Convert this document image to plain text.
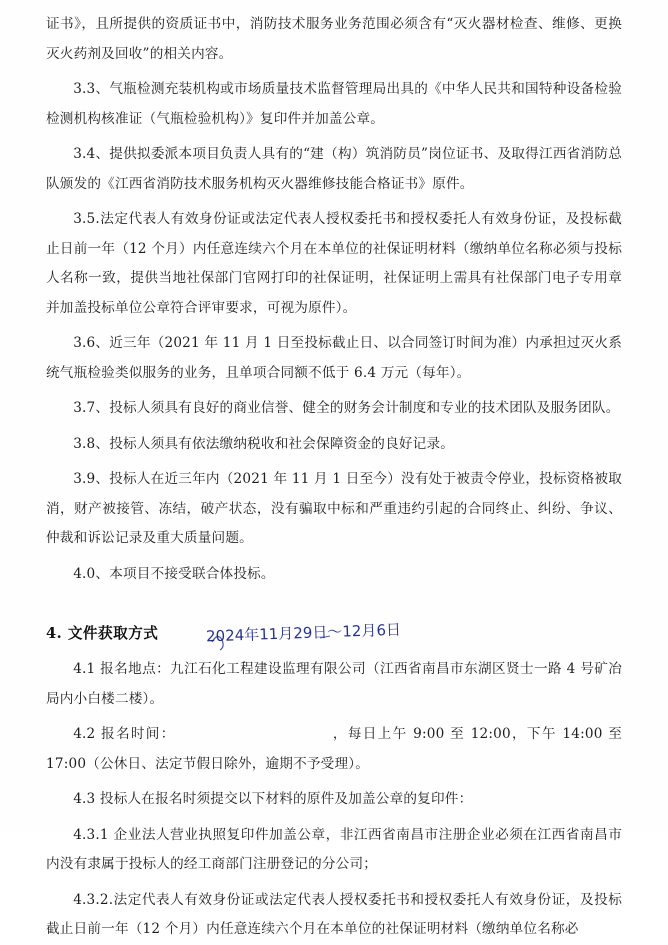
证书》，且所提供的资质证书中，消防技术服务业务范围必须含有“灭火器材检查、维修、更换灭火药剂及回收”的相关内容。

3.3、气瓶检测充装机构或市场质量技术监督管理局出具的《中华人民共和国特种设备检验检测机构核准证（气瓶检验机构）》复印件并加盖公章。

3.4、提供拟委派本项目负责人具有的“建（构）筑消防员”岗位证书、及取得江西省消防总队颁发的《江西省消防技术服务机构灭火器维修技能合格证书》原件。

3.5.法定代表人有效身份证或法定代表人授权委托书和授权委托人有效身份证，及投标截止日前一年（12 个月）内任意连续六个月在本单位的社保证明材料（缴纳单位名称必须与投标人名称一致，提供当地社保部门官网打印的社保证明，社保证明上需具有社保部门电子专用章并加盖投标单位公章符合评审要求，可视为原件）。

3.6、近三年（2021 年 11 月 1 日至投标截止日、以合同签订时间为准）内承担过灭火系统气瓶检验类似服务的业务，且单项合同额不低于 6.4 万元（每年）。

3.7、投标人须具有良好的商业信誉、健全的财务会计制度和专业的技术团队及服务团队。

3.8、投标人须具有依法缴纳税收和社会保障资金的良好记录。

3.9、投标人在近三年内（2021 年 11 月 1 日至今）没有处于被责令停业，投标资格被取消，财产被接管、冻结，破产状态，没有骗取中标和严重违约引起的合同终止、纠纷、争议、仲裁和诉讼记录及重大质量问题。

4.0、本项目不接受联合体投标。

4. 文件获取方式

4.1 报名地点：九江石化工程建设监理有限公司（江西省南昌市东湖区贤士一路 4 号矿冶局内小白楼二楼）。

4.2 报名时间：　　　　　　　　　　　，每日上午 9:00 至 12:00，下午 14:00 至 17:00（公休日、法定节假日除外，逾期不予受理）。

4.3 投标人在报名时须提交以下材料的原件及加盖公章的复印件：

4.3.1 企业法人营业执照复印件加盖公章，非江西省南昌市注册企业必须在江西省南昌市内没有隶属于投标人的经工商部门注册登记的分公司；

4.3.2.法定代表人有效身份证或法定代表人授权委托书和授权委托人有效身份证，及投标截止日前一年（12 个月）内任意连续六个月在本单位的社保证明材料（缴纳单位名称必

2024年11月29日～12月6日
